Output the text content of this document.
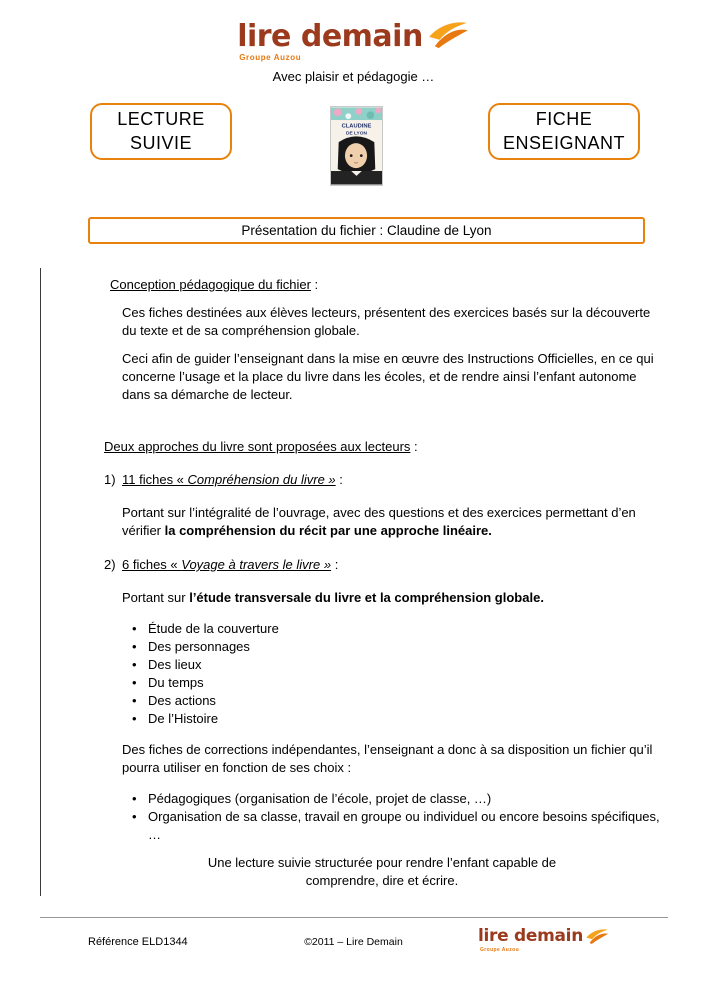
lire demain
Groupe Auzou
Avec plaisir et pédagogie …
LECTURE SUIVIE
FICHE ENSEIGNANT
CLAUDINE
DE LYON
Présentation du fichier : Claudine de Lyon

Conception pédagogique du fichier :

Ces fiches destinées aux élèves lecteurs, présentent des exercices basés sur la découverte du texte et de sa compréhension globale.

Ceci afin de guider l’enseignant dans la mise en œuvre des Instructions Officielles, en ce qui concerne l’usage et la place du livre dans les écoles, et de rendre ainsi l’enfant autonome dans sa démarche de lecteur.

Deux approches du livre sont proposées aux lecteurs :

1) 11 fiches « Compréhension du livre » :

Portant sur l’intégralité de l’ouvrage, avec des questions et des exercices permettant d’en vérifier la compréhension du récit par une approche linéaire.

2) 6 fiches « Voyage à travers le livre » :

Portant sur l’étude transversale du livre et la compréhension globale.

• Étude de la couverture
• Des personnages
• Des lieux
• Du temps
• Des actions
• De l’Histoire

Des fiches de corrections indépendantes, l’enseignant a donc à sa disposition un fichier qu’il pourra utiliser en fonction de ses choix :

• Pédagogiques (organisation de l’école, projet de classe, …)
• Organisation de sa classe, travail en groupe ou individuel ou encore besoins spécifiques, …

Une lecture suivie structurée pour rendre l’enfant capable de comprendre, dire et écrire.

Référence ELD1344	©2011 – Lire Demain	lire demain
Groupe Auzou
